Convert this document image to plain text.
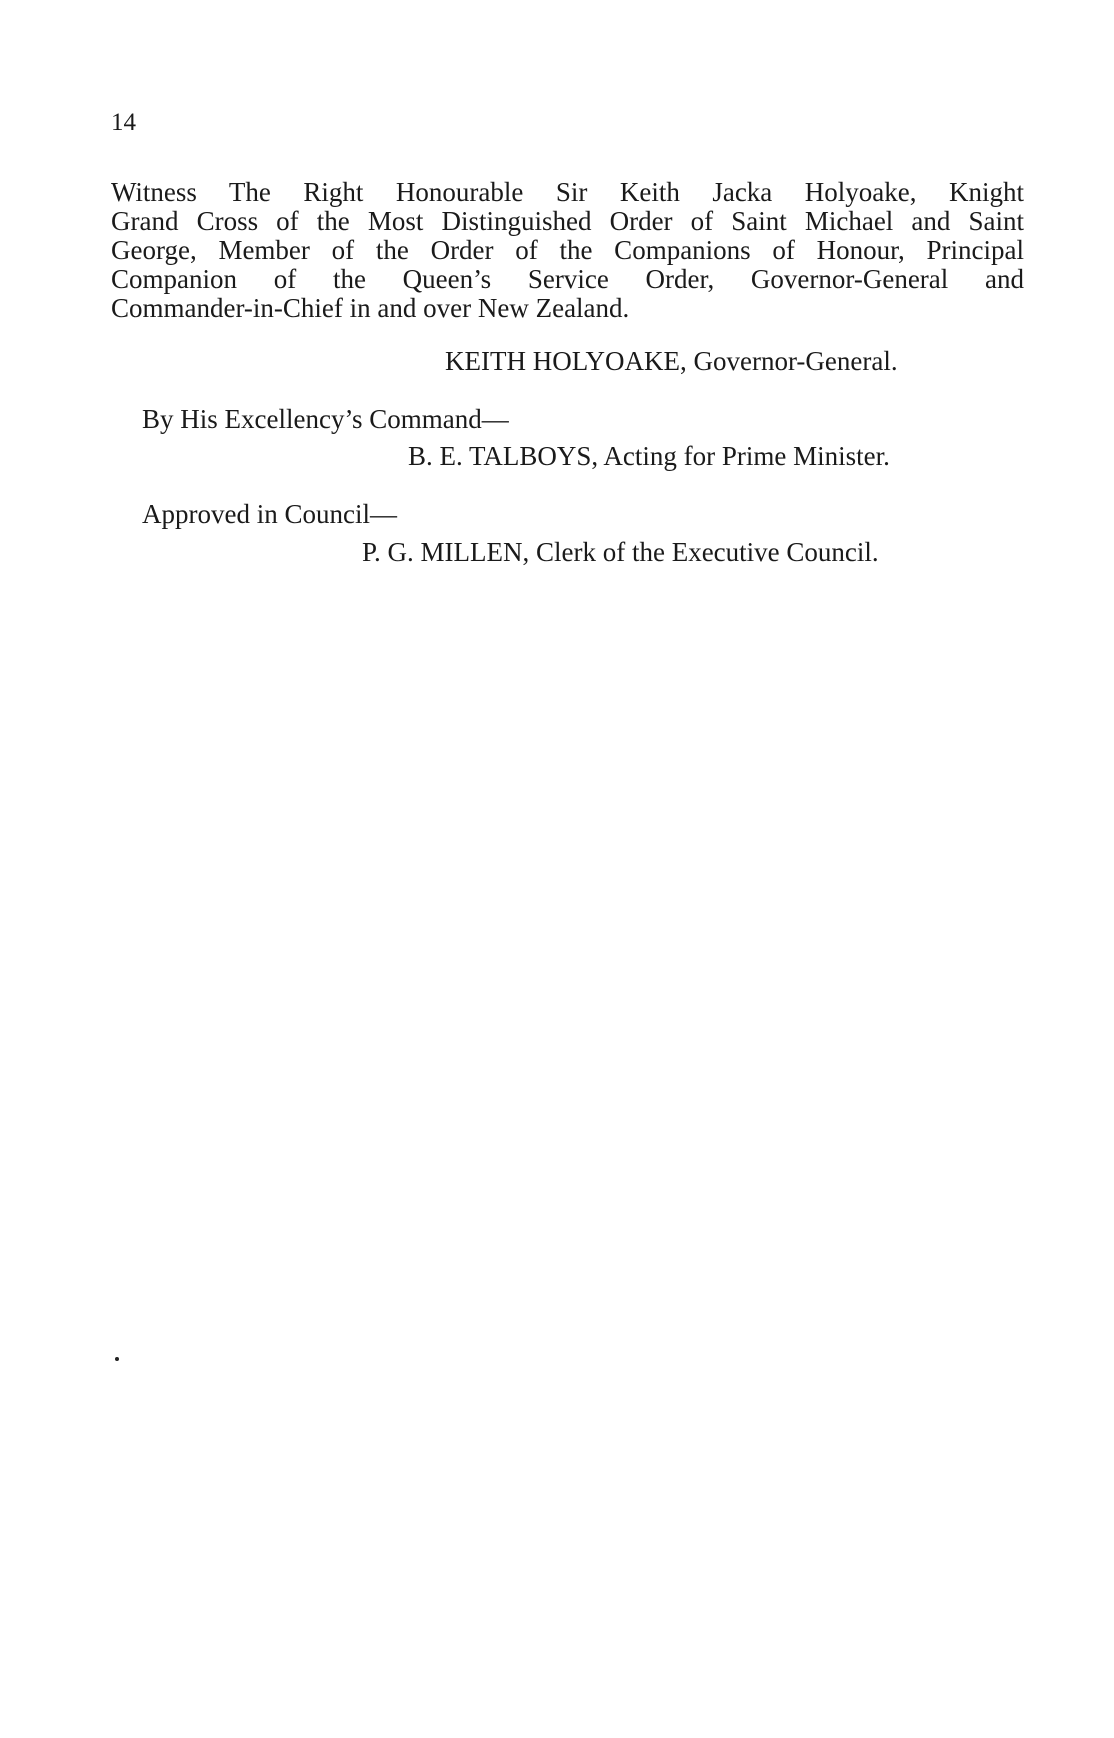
14

Witness The Right Honourable Sir Keith Jacka Holyoake, Knight
Grand Cross of the Most Distinguished Order of Saint Michael and Saint
George, Member of the Order of the Companions of Honour, Principal
Companion of the Queen’s Service Order, Governor-General and
Commander-in-Chief in and over New Zealand.

KEITH HOLYOAKE, Governor-General.
By His Excellency’s Command—
B. E. TALBOYS, Acting for Prime Minister.
Approved in Council—
P. G. MILLEN, Clerk of the Executive Council.
